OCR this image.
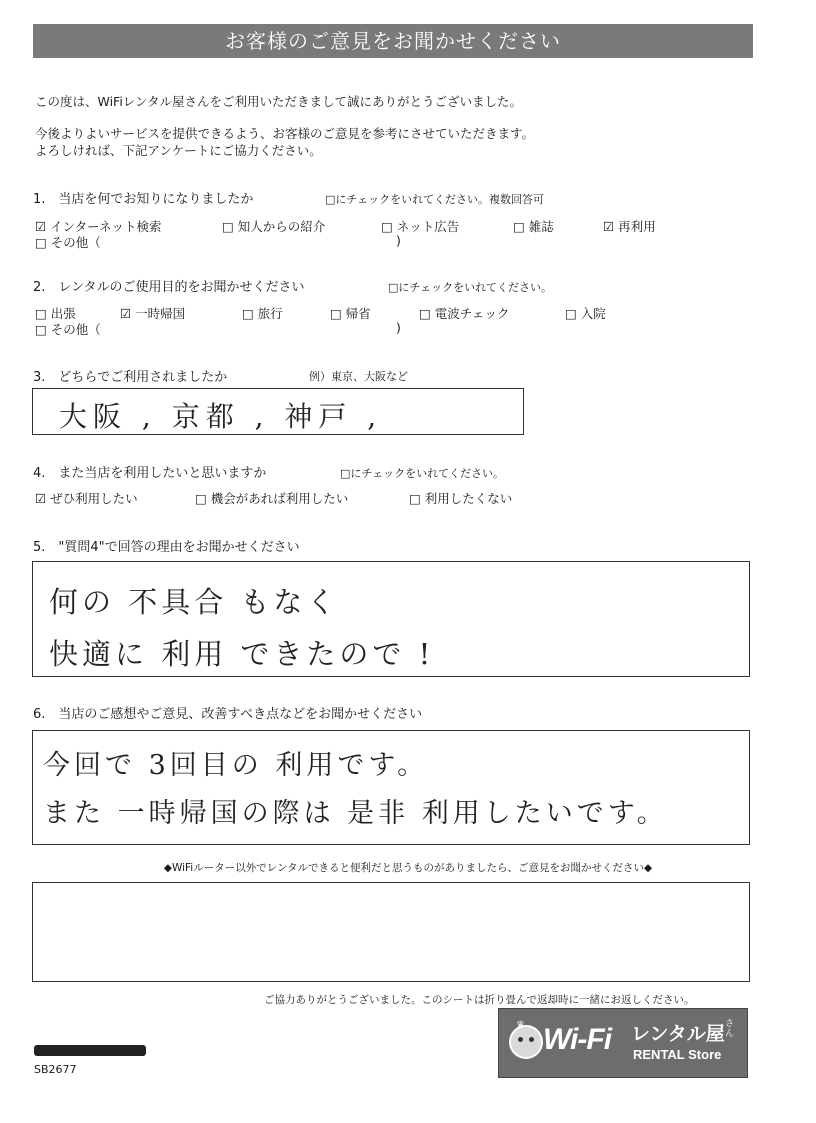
お客様のご意見をお聞かせください
この度は、WiFiレンタル屋さんをご利用いただきまして誠にありがとうございました。
今後よりよいサービスを提供できるよう、お客様のご意見を参考にさせていただきます。
よろしければ、下記アンケートにご協力ください。
1.　当店を何でお知りになりましたか	□にチェックをいれてください。複数回答可
☑ インターネット検索	□ 知人からの紹介	□ ネット広告	□ 雑誌	☑ 再利用
□ その他（	)
2.　レンタルのご使用目的をお聞かせください	□にチェックをいれてください。
□ 出張	☑ 一時帰国	□ 旅行	□ 帰省	□ 電波チェック	□ 入院
□ その他（	)
3.　どちらでご利用されましたか	例）東京、大阪など
大阪 , 京都 , 神戸 ,
4.　また当店を利用したいと思いますか	□にチェックをいれてください。
☑ ぜひ利用したい	□ 機会があれば利用したい	□ 利用したくない
5.　"質問4"で回答の理由をお聞かせください
何の 不具合 もなく
快適に 利用 できたので !
6.　当店のご感想やご意見、改善すべき点などをお聞かせください
今回で 3回目の 利用です。
また 一時帰国の際は 是非 利用したいです。
◆WiFiルーター以外でレンタルできると便利だと思うものがありましたら、ご意見をお聞かせください◆
ご協力ありがとうございました。このシートは折り畳んで返却時に一緒にお返しください。
SB2677
♛ Wi-Fi レンタル屋 さん
RENTAL Store
